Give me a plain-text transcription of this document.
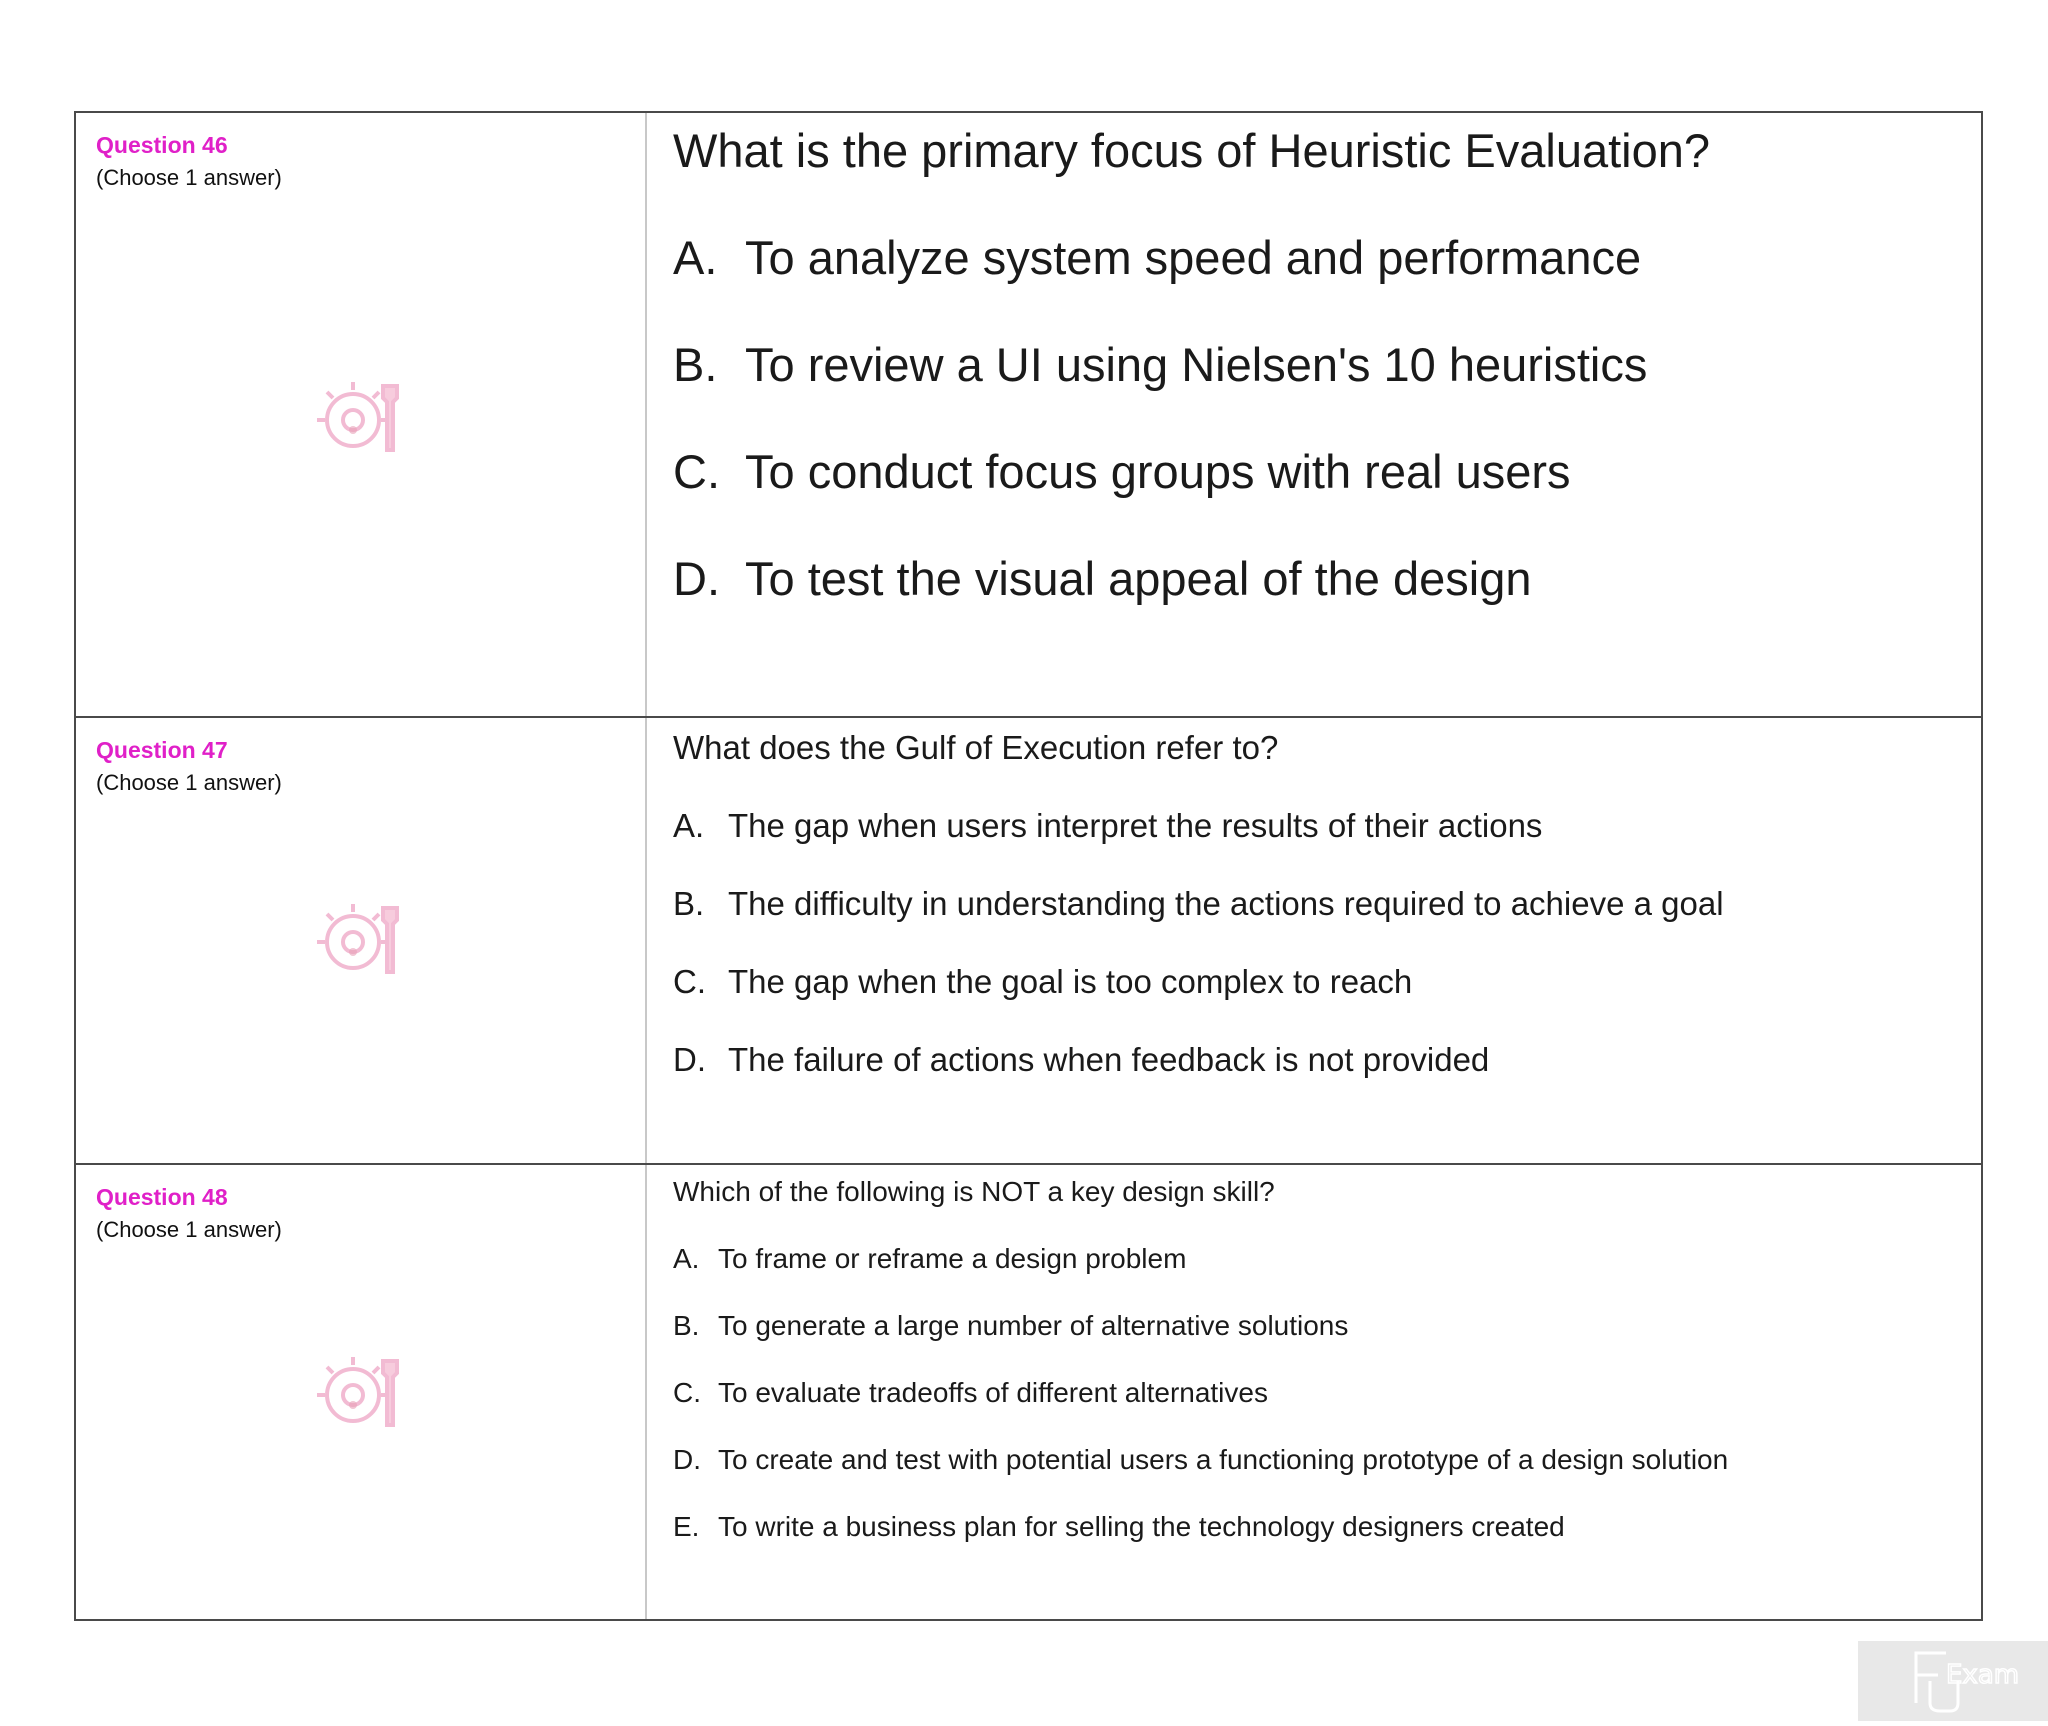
Question 46
(Choose 1 answer)
What is the primary focus of Heuristic Evaluation?
A. To analyze system speed and performance
B. To review a UI using Nielsen's 10 heuristics
C. To conduct focus groups with real users
D. To test the visual appeal of the design
Question 47
(Choose 1 answer)
What does the Gulf of Execution refer to?
A. The gap when users interpret the results of their actions
B. The difficulty in understanding the actions required to achieve a goal
C. The gap when the goal is too complex to reach
D. The failure of actions when feedback is not provided
Question 48
(Choose 1 answer)
Which of the following is NOT a key design skill?
A. To frame or reframe a design problem
B. To generate a large number of alternative solutions
C. To evaluate tradeoffs of different alternatives
D. To create and test with potential users a functioning prototype of a design solution
E. To write a business plan for selling the technology designers created
Exam
